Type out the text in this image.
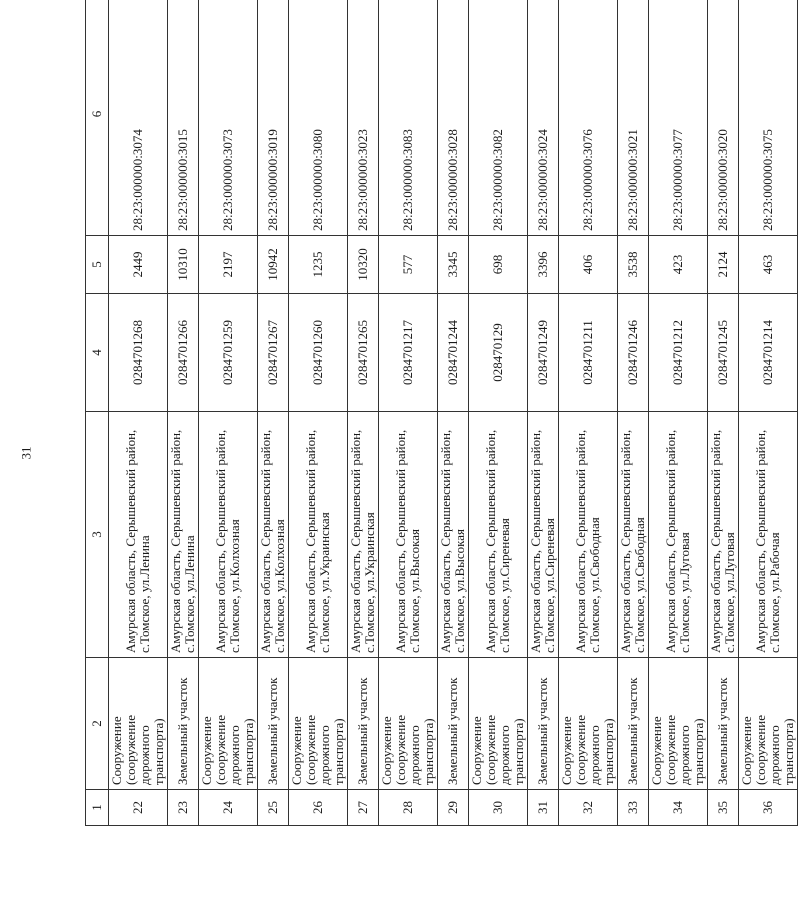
31
1	2	3	4	5	6
22	Сооружение (сооружение дорожного транспорта)	Амурская область, Серышевский район, с.Томское, ул.Ленина	0284701268	2449	28:23:000000:3074
23	Земельный участок	Амурская область, Серышевский район, с.Томское, ул.Ленина	0284701266	10310	28:23:000000:3015
24	Сооружение (сооружение дорожного транспорта)	Амурская область, Серышевский район, с.Томское, ул.Колхозная	0284701259	2197	28:23:000000:3073
25	Земельный участок	Амурская область, Серышевский район, с.Томское, ул.Колхозная	0284701267	10942	28:23:000000:3019
26	Сооружение (сооружение дорожного транспорта)	Амурская область, Серышевский район, с.Томское, ул.Украинская	0284701260	1235	28:23:000000:3080
27	Земельный участок	Амурская область, Серышевский район, с.Томское, ул.Украинская	0284701265	10320	28:23:000000:3023
28	Сооружение (сооружение дорожного транспорта)	Амурская область, Серышевский район, с.Томское, ул.Высокая	0284701217	577	28:23:000000:3083
29	Земельный участок	Амурская область, Серышевский район, с.Томское, ул.Высокая	0284701244	3345	28:23:000000:3028
30	Сооружение (сооружение дорожного транспорта)	Амурская область, Серышевский район, с.Томское, ул.Сиреневая	028470129	698	28:23:000000:3082
31	Земельный участок	Амурская область, Серышевский район, с.Томское, ул.Сиреневая	0284701249	3396	28:23:000000:3024
32	Сооружение (сооружение дорожного транспорта)	Амурская область, Серышевский район, с.Томское, ул.Свободная	0284701211	406	28:23:000000:3076
33	Земельный участок	Амурская область, Серышевский район, с.Томское, ул.Свободная	0284701246	3538	28:23:000000:3021
34	Сооружение (сооружение дорожного транспорта)	Амурская область, Серышевский район, с.Томское, ул.Луговая	0284701212	423	28:23:000000:3077
35	Земельный участок	Амурская область, Серышевский район, с.Томское, ул.Луговая	0284701245	2124	28:23:000000:3020
36	Сооружение (сооружение дорожного транспорта)	Амурская область, Серышевский район, с.Томское, ул.Рабочая	0284701214	463	28:23:000000:3075
